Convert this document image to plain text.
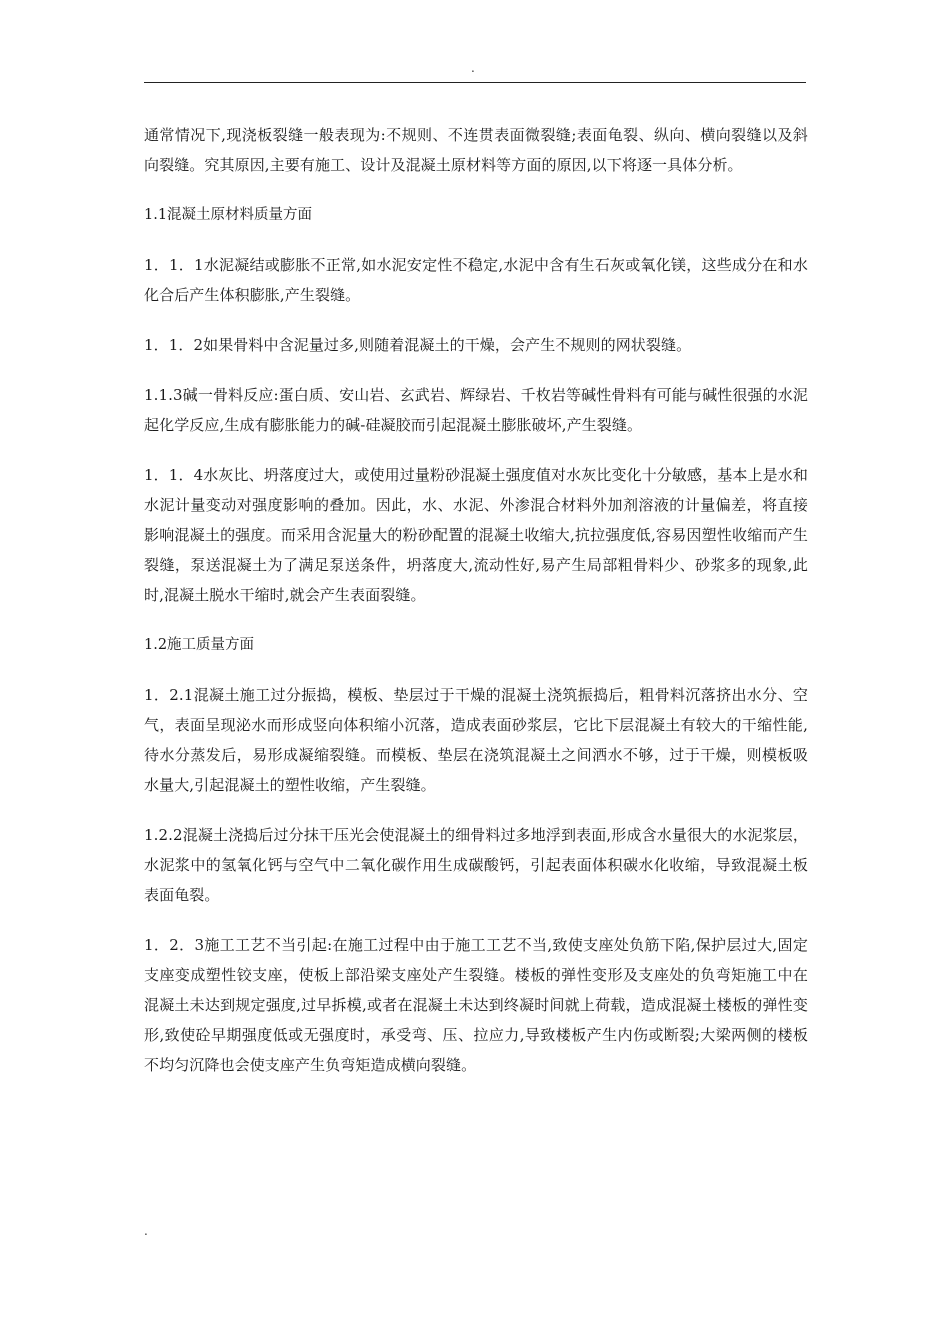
.

通常情况下,现浇板裂缝一般表现为:不规则、不连贯表面微裂缝;表面龟裂、纵向、横向裂缝以及斜向裂缝。究其原因,主要有施工、设计及混凝土原材料等方面的原因,以下将逐一具体分析。

1.1混凝土原材料质量方面

1．1．1水泥凝结或膨胀不正常,如水泥安定性不稳定,水泥中含有生石灰或氧化镁，这些成分在和水化合后产生体积膨胀,产生裂缝。

1．1．2如果骨料中含泥量过多,则随着混凝土的干燥，会产生不规则的网状裂缝。

1.1.3碱一骨料反应:蛋白质、安山岩、玄武岩、辉绿岩、千枚岩等碱性骨料有可能与碱性很强的水泥起化学反应,生成有膨胀能力的碱-硅凝胶而引起混凝土膨胀破坏,产生裂缝。

1．1．4水灰比、坍落度过大，或使用过量粉砂混凝土强度值对水灰比变化十分敏感，基本上是水和水泥计量变动对强度影响的叠加。因此，水、水泥、外渗混合材料外加剂溶液的计量偏差，将直接影响混凝土的强度。而采用含泥量大的粉砂配置的混凝土收缩大,抗拉强度低,容易因塑性收缩而产生裂缝，泵送混凝土为了满足泵送条件，坍落度大,流动性好,易产生局部粗骨料少、砂浆多的现象,此时,混凝土脱水干缩时,就会产生表面裂缝。

1.2施工质量方面

1．2.1混凝土施工过分振捣，模板、垫层过于干燥的混凝土浇筑振捣后，粗骨料沉落挤出水分、空气，表面呈现泌水而形成竖向体积缩小沉落，造成表面砂浆层，它比下层混凝土有较大的干缩性能,待水分蒸发后，易形成凝缩裂缝。而模板、垫层在浇筑混凝土之间洒水不够，过于干燥，则模板吸水量大,引起混凝土的塑性收缩，产生裂缝。

1.2.2混凝土浇捣后过分抹干压光会使混凝土的细骨料过多地浮到表面,形成含水量很大的水泥浆层，水泥浆中的氢氧化钙与空气中二氧化碳作用生成碳酸钙，引起表面体积碳水化收缩，导致混凝土板表面龟裂。

1．2．3施工工艺不当引起:在施工过程中由于施工工艺不当,致使支座处负筋下陷,保护层过大,固定支座变成塑性铰支座，使板上部沿梁支座处产生裂缝。楼板的弹性变形及支座处的负弯矩施工中在混凝土未达到规定强度,过早拆模,或者在混凝土未达到终凝时间就上荷载，造成混凝土楼板的弹性变形,致使砼早期强度低或无强度时，承受弯、压、拉应力,导致楼板产生内伤或断裂;大梁两侧的楼板不均匀沉降也会使支座产生负弯矩造成横向裂缝。

.
